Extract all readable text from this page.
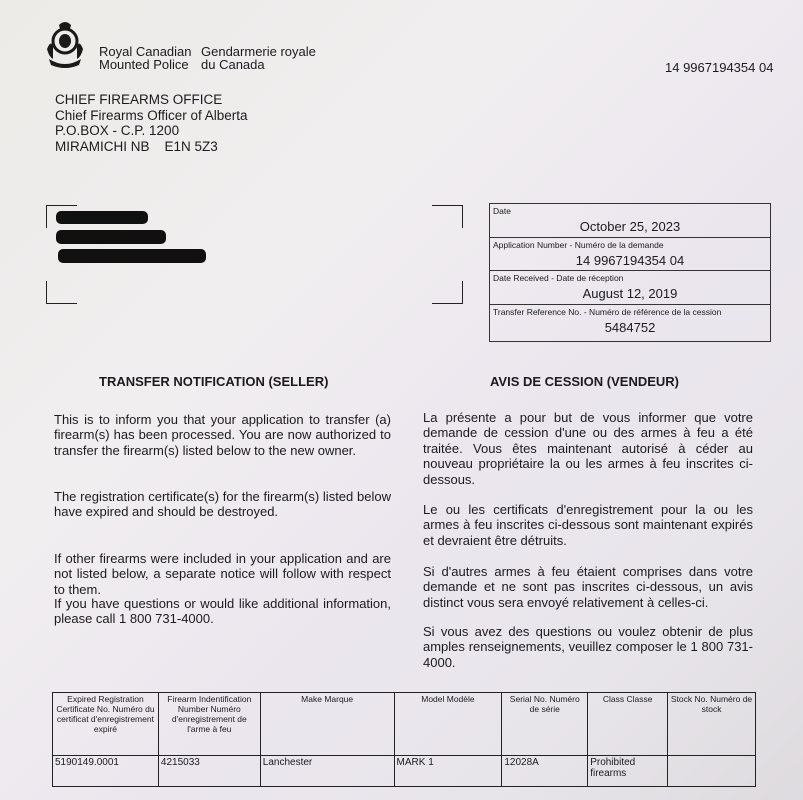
Royal Canadian
Mounted Police
Gendarmerie royale
du Canada	14 9967194354 04
CHIEF FIREARMS OFFICE
Chief Firearms Officer of Alberta
P.O.BOX - C.P. 1200
MIRAMICHI NB    E1N 5Z3
Date
October 25, 2023
Application Number - Numéro de la demande
14 9967194354 04
Date Received - Date de réception
August 12, 2019
Transfer Reference No. - Numéro de référence de la cession
5484752
TRANSFER NOTIFICATION (SELLER)	AVIS DE CESSION (VENDEUR)
This is to inform you that your application to transfer (a) firearm(s) has been processed. You are now authorized to transfer the firearm(s) listed below to the new owner.
The registration certificate(s) for the firearm(s) listed below have expired and should be destroyed.
If other firearms were included in your application and are not listed below, a separate notice will follow with respect to them.
If you have questions or would like additional information, please call 1 800 731-4000.
La présente a pour but de vous informer que votre demande de cession d'une ou des armes à feu a été traitée. Vous êtes maintenant autorisé à céder au nouveau propriétaire la ou les armes à feu inscrites ci-dessous.
Le ou les certificats d'enregistrement pour la ou les armes à feu inscrites ci-dessous sont maintenant expirés et devraient être détruits.
Si d'autres armes à feu étaient comprises dans votre demande et ne sont pas inscrites ci-dessous, un avis distinct vous sera envoyé relativement à celles-ci.
Si vous avez des questions ou voulez obtenir de plus amples renseignements, veuillez composer le 1 800 731-4000.
Expired Registration Certificate No. Numéro du certificat d'enregistrement expiré	Firearm Indentification Number Numéro d'enregistrement de l'arme à feu	Make Marque	Model Modèle	Serial No. Numéro de série	Class Classe	Stock No. Numéro de stock
5190149.0001	4215033	Lanchester	MARK 1	12028A	Prohibited firearms	
